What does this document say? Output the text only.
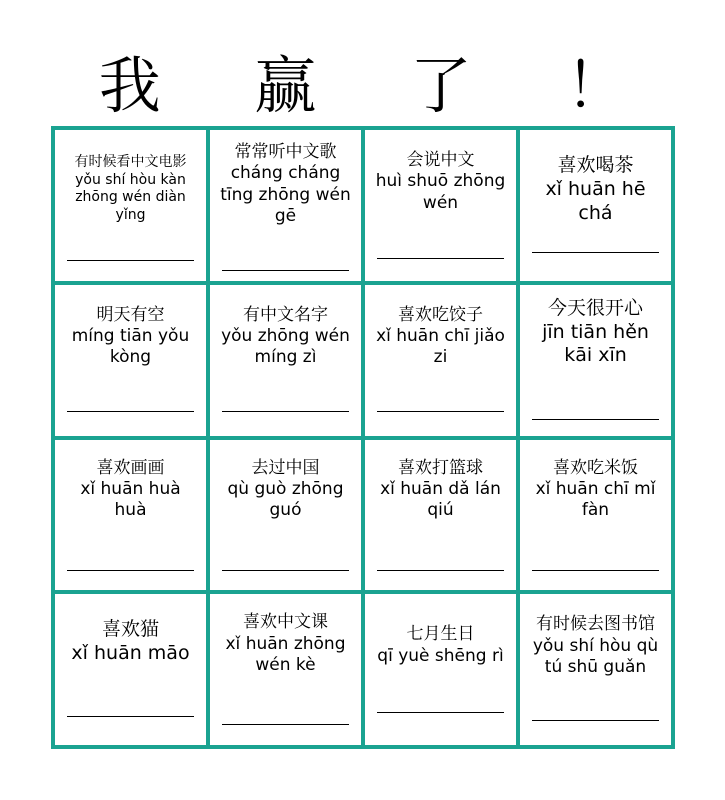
我	赢	了	！
有时候看中文电影
yǒu shí hòu kàn zhōng wén diàn yǐng
常常听中文歌
cháng cháng tīng zhōng wén gē
会说中文
huì shuō zhōng wén
喜欢喝茶
xǐ huān hē chá
明天有空
míng tiān yǒu kòng
有中文名字
yǒu zhōng wén míng zì
喜欢吃饺子
xǐ huān chī jiǎo zi
今天很开心
jīn tiān hěn kāi xīn
喜欢画画
xǐ huān huà huà
去过中国
qù guò zhōng guó
喜欢打篮球
xǐ huān dǎ lán qiú
喜欢吃米饭
xǐ huān chī mǐ fàn
喜欢猫
xǐ huān māo
喜欢中文课
xǐ huān zhōng wén kè
七月生日
qī yuè shēng rì
有时候去图书馆
yǒu shí hòu qù tú shū guǎn
